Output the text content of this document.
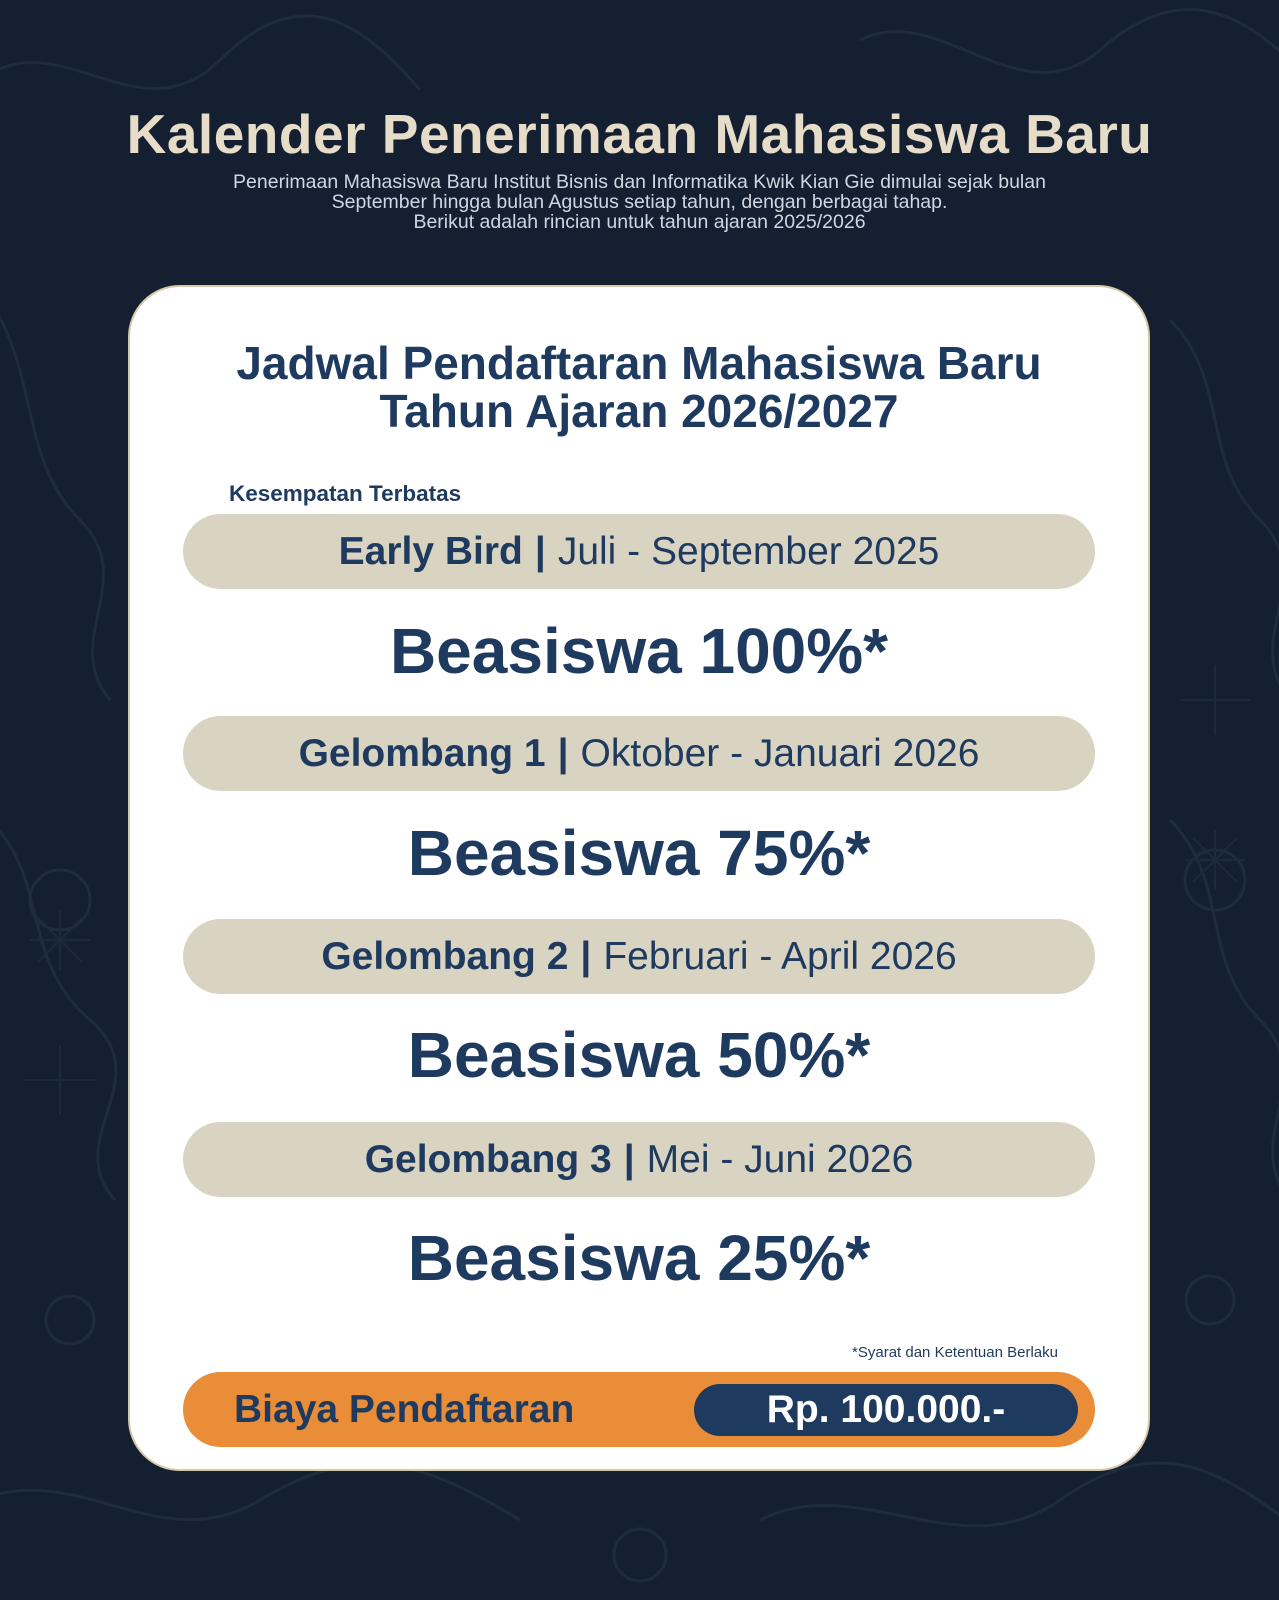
Kalender Penerimaan Mahasiswa Baru
Penerimaan Mahasiswa Baru Institut Bisnis dan Informatika Kwik Kian Gie dimulai sejak bulan
September hingga bulan Agustus setiap tahun, dengan berbagai tahap.
Berikut adalah rincian untuk tahun ajaran 2025/2026
Jadwal Pendaftaran Mahasiswa Baru
Tahun Ajaran 2026/2027
Kesempatan Terbatas
Early Bird | Juli - September 2025
Beasiswa 100%*
Gelombang 1 | Oktober - Januari 2026
Beasiswa 75%*
Gelombang 2 | Februari - April 2026
Beasiswa 50%*
Gelombang 3 | Mei - Juni 2026
Beasiswa 25%*
*Syarat dan Ketentuan Berlaku
Biaya Pendaftaran	Rp. 100.000.-
